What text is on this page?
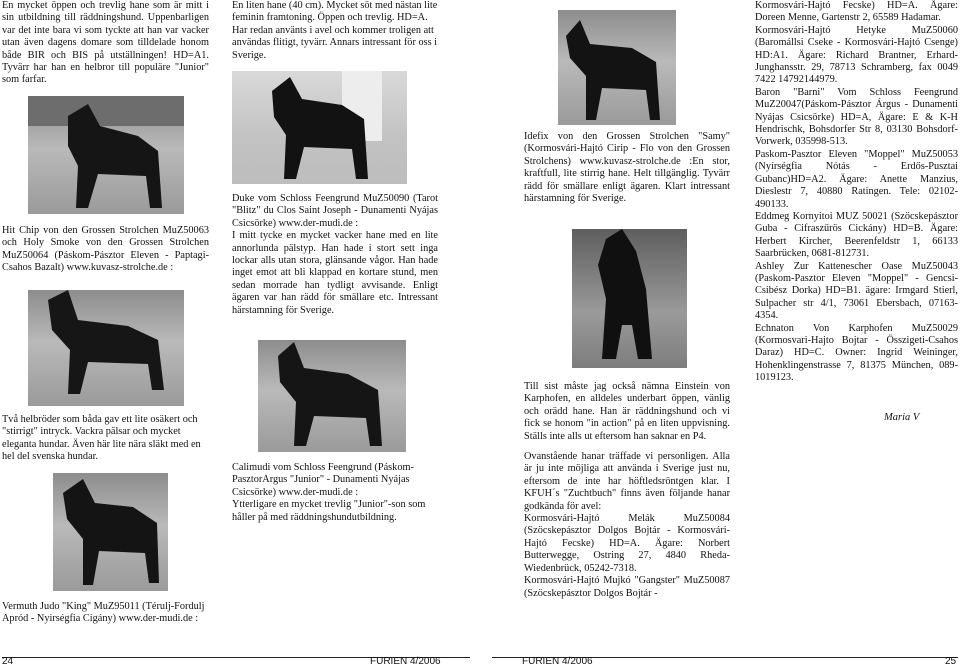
En mycket öppen och trevlig hane som är mitt i sin utbildning till räddningshund. Uppenbarligen var det inte bara vi som tyckte att han var vacker utan även dagens domare som tilldelade honom både BIR och BIS på utställningen! HD=A1. Tyvärr har han en helbror till populäre "Junior" som farfar.

Hit Chip von den Grossen Strolchen MuZ50063 och Holy Smoke von den Grossen Strolchen MuZ50064 (Páskom-Pásztor Eleven - Paptagi-Csahos Bazalt) www.kuvasz-strolche.de :

Två helbröder som båda gav ett lite osäkert och "stirrigt" intryck. Vackra pälsar och mycket eleganta hundar. Även här lite nära släkt med en hel del svenska hundar.

Vermuth Judo "King" MuZ95011 (Térulj-Fordulj Apród - Nyirségfia Cigány) www.der-mudi.de :

En liten hane (40 cm). Mycket söt med nästan lite feminin framtoning. Öppen och trevlig. HD=A. Har redan använts i avel och kommer troligen att användas flitigt, tyvärr. Annars intressant för oss i Sverige.

Duke vom Schloss Feengrund MuZ50090 (Tarot "Blitz" du Clos Saint Joseph - Dunamenti Nyájas Csicsörke) www.der-mudi.de :

I mitt tycke en mycket vacker hane med en lite annorlunda pälstyp. Han hade i stort sett inga lockar alls utan stora, glänsande vågor. Han hade inget emot att bli klappad en kortare stund, men sedan morrade han tydligt avvisande. Enligt ägaren var han rädd för smällare etc. Intressant härstamning för Sverige.

Calimudi vom Schloss Feengrund (Páskom-PasztorArgus "Junior" - Dunamenti Nyájas Csicsörke) www.der-mudi.de :

Ytterligare en mycket trevlig "Junior"-son som håller på med räddningshundutbildning.

24	FURIEN 4/2006

Idefix von den Grossen Strolchen "Samy" (Kormosvári-Hajtó Cirip - Flo von den Grossen Strolchens) www.kuvasz-strolche.de :En stor, kraftfull, lite stirrig hane. Helt tillgänglig. Tyvärr rädd för smällare enligt ägaren. Klart intressant härstamning för Sverige.

Till sist måste jag också nämna Einstein von Karphofen, en alldeles underbart öppen, vänlig och orädd hane. Han är räddningshund och vi fick se honom "in action" på en liten uppvisning. Ställs inte alls ut eftersom han saknar en P4.

Ovanstående hanar träffade vi personligen. Alla är ju inte möjliga att använda i Sverige just nu, eftersom de inte har höftledsröntgen klar. I KFUH´s "Zuchtbuch" finns även följande hanar godkända för avel:

Kormosvári-Hajtó Melák MuZ50084 (Szöcskepásztor Dolgos Bojtár - Kormosvári-Hajtó Fecske) HD=A. Ägare: Norbert Butterwegge, Ostring 27, 4840 Rheda-Wiedenbrück, 05242-7318.

Kormosvári-Hajtó Mujkó "Gangster" MuZ50087 (Szöcskepásztor Dolgos Bojtár -

Kormosvári-Hajtó Fecske) HD=A. Ägare: Doreen Menne, Gartenstr 2, 65589 Hadamar.

Kormosvári-Hajtó Hetyke MuZ50060 (Baromállsi Cseke - Kormosvári-Hajtó Csenge) HD:A1. Ägare: Richard Brantner, Erhard-Junghansstr. 29, 78713 Schramberg, fax 0049 7422 14792144979.

Baron "Barni" Vom Schloss Feengrund MuZ20047(Páskom-Pásztor Árgus - Dunamenti Nyájas Csicsörke) HD=A, Ägare: E & K-H Hendrischk, Bohsdorfer Str 8, 03130 Bohsdorf-Vorwerk, 035998-513.

Paskom-Pasztor Eleven "Moppel" MuZ50053 (Nyírségfia Nótás - Erdős-Pusztai Gubanc)HD=A2. Ägare: Anette Manzius, Dieslestr 7, 40880 Ratingen. Tele: 02102-490133.

Eddmeg Kornyitoi MUZ 50021 (Szöcskepásztor Guba - Cifraszűrös Cickány) HD=B. Ägare: Herbert Kircher, Beerenfeldstr 1, 66133 Saarbrücken, 0681-812731.

Ashley Zur Kattenescher Oase MuZ50043 (Paskom-Pasztor Eleven "Moppel" - Gencsi-Csibész Dorka) HD=B1. ägare: Irmgard Stierl, Sulpacher str 4/1, 73061 Ebersbach, 07163-4354.

Echnaton Von Karphofen MuZ50029 (Kormosvari-Hajto Bojtar - Összigeti-Csahos Daraz) HD=C. Owner: Ingrid Weininger, Hohenklingenstrasse 7, 81375 München, 089-1019123.

Maria V
FURIEN 4/2006	25
